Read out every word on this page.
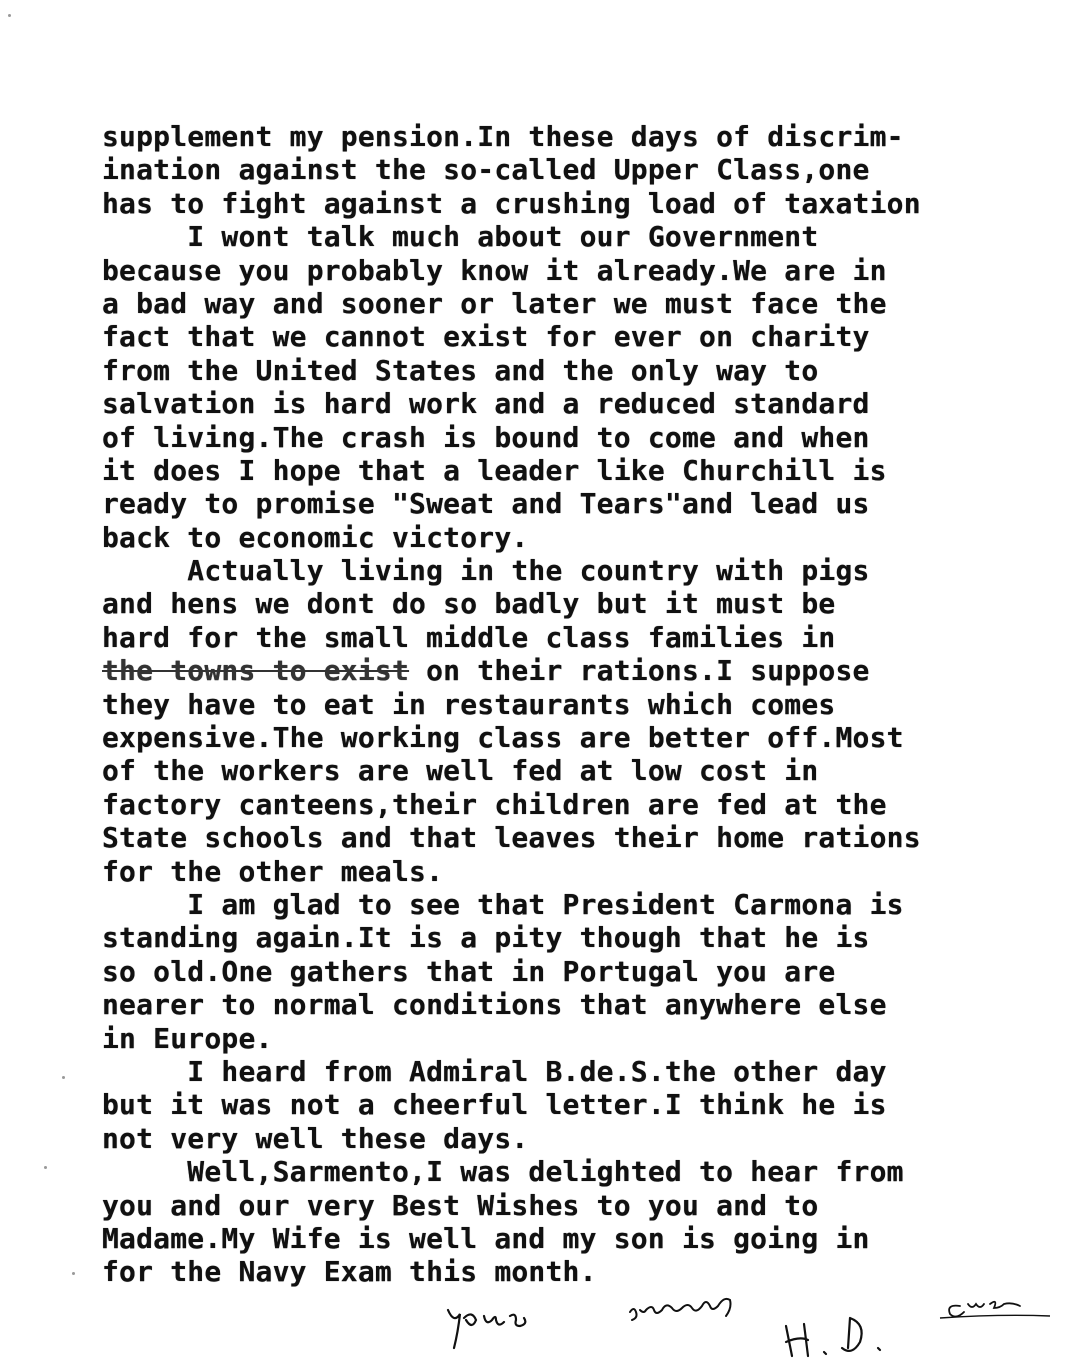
supplement my pension.In these days of discrim-
ination against the so-called Upper Class,one
has to fight against a crushing load of taxation
I wont talk much about our Government
because you probably know it already.We are in
a bad way and sooner or later we must face the
fact that we cannot exist for ever on charity
from the United States and the only way to
salvation is hard work and a reduced standard
of living.The crash is bound to come and when
it does I hope that a leader like Churchill is
ready to promise "Sweat and Tears"and lead us
back to economic victory.
Actually living in the country with pigs
and hens we dont do so badly but it must be
hard for the small middle class families in
the towns to exist on their rations.I suppose
they have to eat in restaurants which comes
expensive.The working class are better off.Most
of the workers are well fed at low cost in
factory canteens,their children are fed at the
State schools and that leaves their home rations
for the other meals.
I am glad to see that President Carmona is
standing again.It is a pity though that he is
so old.One gathers that in Portugal you are
nearer to normal conditions that anywhere else
in Europe.
I heard from Admiral B.de.S.the other day
but it was not a cheerful letter.I think he is
not very well these days.
Well,Sarmento,I was delighted to hear from
you and our very Best Wishes to you and to
Madame.My Wife is well and my son is going in
for the Navy Exam this month.
